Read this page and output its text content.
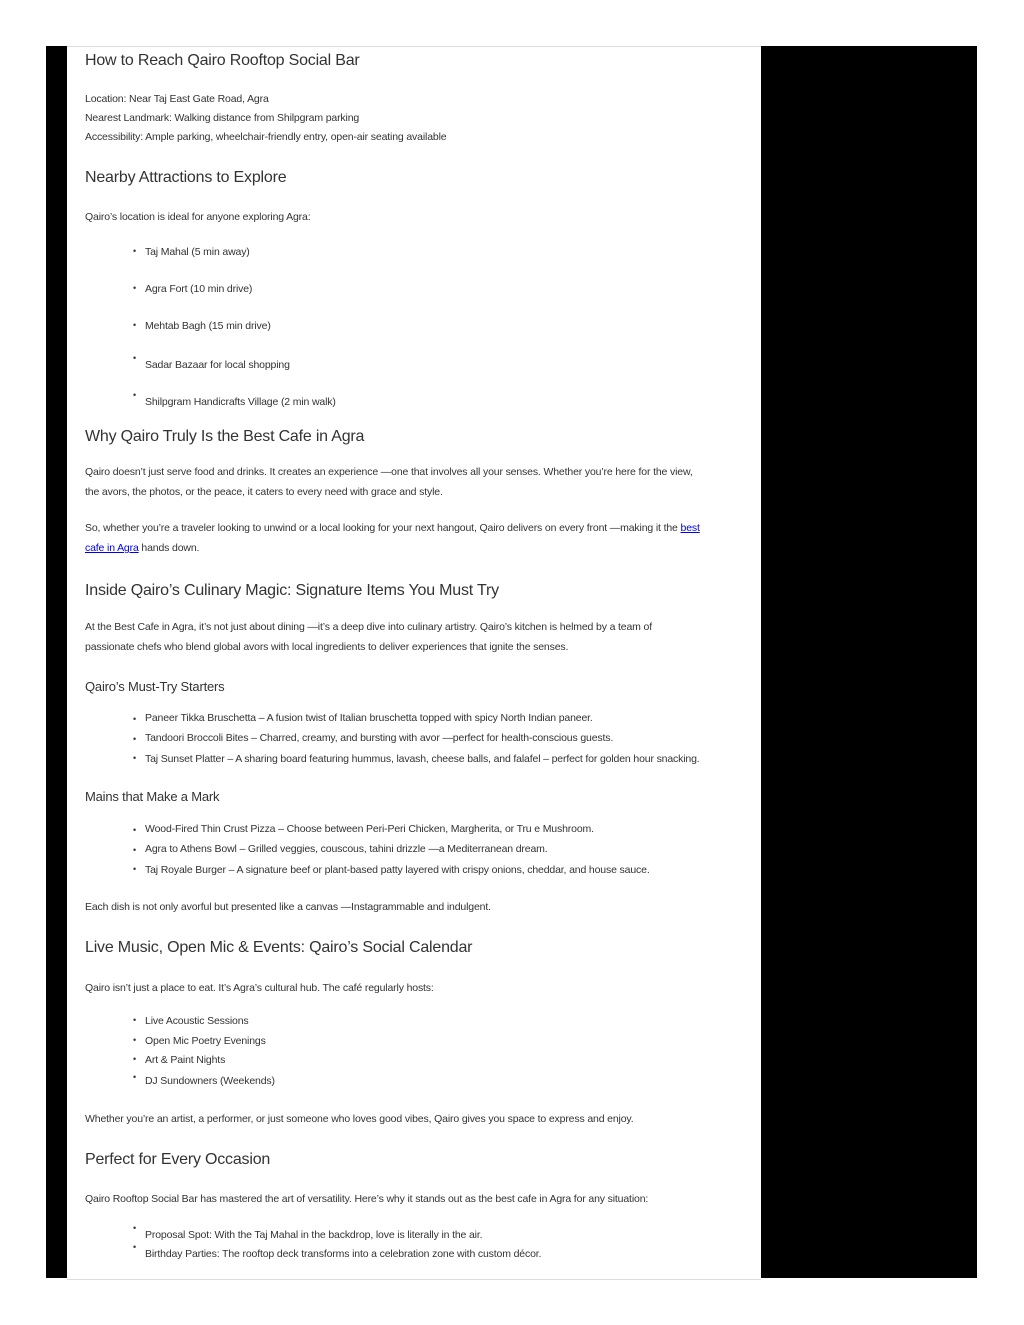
How to Reach Qairo Rooftop Social Bar
Location: Near Taj East Gate Road, Agra
Nearest Landmark: Walking distance from Shilpgram parking
Accessibility: Ample parking, wheelchair-friendly entry, open-air seating available
Nearby Attractions to Explore
Qairo’s location is ideal for anyone exploring Agra:
• Taj Mahal (5 min away)
• Agra Fort (10 min drive)
• Mehtab Bagh (15 min drive)
•
Sadar Bazaar for local shopping
•
Shilpgram Handicrafts Village (2 min walk)
Why Qairo Truly Is the Best Cafe in Agra
Qairo doesn’t just serve food and drinks. It creates an experience —one that involves all your senses. Whether you’re here for the view,
the avors, the photos, or the peace, it caters to every need with grace and style.
So, whether you’re a traveler looking to unwind or a local looking for your next hangout, Qairo delivers on every front —making it the best
cafe in Agra hands down.
Inside Qairo’s Culinary Magic: Signature Items You Must Try
At the Best Cafe in Agra, it’s not just about dining —it’s a deep dive into culinary artistry. Qairo’s kitchen is helmed by a team of
passionate chefs who blend global avors with local ingredients to deliver experiences that ignite the senses.
Qairo’s Must-Try Starters
• Paneer Tikka Bruschetta – A fusion twist of Italian bruschetta topped with spicy North Indian paneer.
• Tandoori Broccoli Bites – Charred, creamy, and bursting with avor —perfect for health-conscious guests.
• Taj Sunset Platter – A sharing board featuring hummus, lavash, cheese balls, and falafel – perfect for golden hour snacking.
Mains that Make a Mark
• Wood-Fired Thin Crust Pizza – Choose between Peri-Peri Chicken, Margherita, or Tru e Mushroom.
• Agra to Athens Bowl – Grilled veggies, couscous, tahini drizzle —a Mediterranean dream.
• Taj Royale Burger – A signature beef or plant-based patty layered with crispy onions, cheddar, and house sauce.
Each dish is not only avorful but presented like a canvas —Instagrammable and indulgent.
Live Music, Open Mic & Events: Qairo’s Social Calendar
Qairo isn’t just a place to eat. It’s Agra’s cultural hub. The café regularly hosts:
• Live Acoustic Sessions
• Open Mic Poetry Evenings
• Art & Paint Nights
• DJ Sundowners (Weekends)
Whether you’re an artist, a performer, or just someone who loves good vibes, Qairo gives you space to express and enjoy.
Perfect for Every Occasion
Qairo Rooftop Social Bar has mastered the art of versatility. Here’s why it stands out as the best cafe in Agra for any situation:
•
Proposal Spot: With the Taj Mahal in the backdrop, love is literally in the air.
•
Birthday Parties: The rooftop deck transforms into a celebration zone with custom décor.
